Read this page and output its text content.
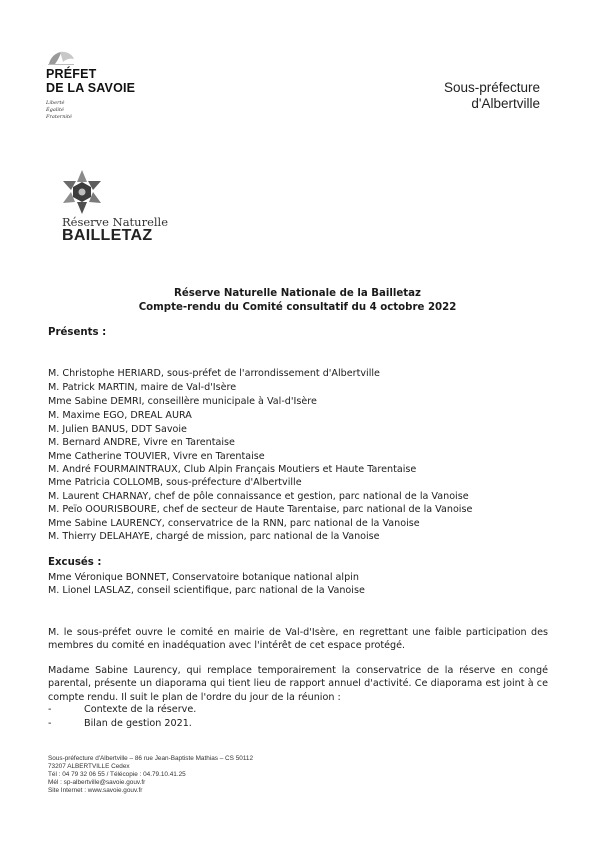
PRÉFET
DE LA SAVOIE
Liberté
Égalité
Fraternité
Sous-préfecture
d'Albertville
Réserve Naturelle
BAILLETAZ
Réserve Naturelle Nationale de la Bailletaz
Compte-rendu du Comité consultatif du 4 octobre 2022
Présents :
M. Christophe HERIARD, sous-préfet de l'arrondissement d'Albertville
M. Patrick MARTIN, maire de Val-d'Isère
Mme Sabine DEMRI, conseillère municipale à Val-d'Isère
M. Maxime EGO, DREAL AURA
M. Julien BANUS, DDT Savoie
M. Bernard ANDRE, Vivre en Tarentaise
Mme Catherine TOUVIER, Vivre en Tarentaise
M. André FOURMAINTRAUX, Club Alpin Français Moutiers et Haute Tarentaise
Mme Patricia COLLOMB, sous-préfecture d'Albertville
M. Laurent CHARNAY, chef de pôle connaissance et gestion, parc national de la Vanoise
M. Peïo OOURISBOURE, chef de secteur de Haute Tarentaise, parc national de la Vanoise
Mme Sabine LAURENCY, conservatrice de la RNN, parc national de la Vanoise
M. Thierry DELAHAYE, chargé de mission, parc national de la Vanoise
Excusés :
Mme Véronique BONNET, Conservatoire botanique national alpin
M. Lionel LASLAZ, conseil scientifique, parc national de la Vanoise
M. le sous-préfet ouvre le comité en mairie de Val-d'Isère, en regrettant une faible participation des membres du comité en inadéquation avec l'intérêt de cet espace protégé.
Madame Sabine Laurency, qui remplace temporairement la conservatrice de la réserve en congé parental, présente un diaporama qui tient lieu de rapport annuel d'activité. Ce diaporama est joint à ce compte rendu. Il suit le plan de l'ordre du jour de la réunion :
-	Contexte de la réserve.
-	Bilan de gestion 2021.
Sous-préfecture d'Albertville – 86 rue Jean-Baptiste Mathias – CS 50112
73207 ALBERTVILLE Cedex
Tél : 04 79 32 06 55 / Télécopie : 04.79.10.41.25
Mél : sp-albertville@savoie.gouv.fr
Site Internet : www.savoie.gouv.fr
